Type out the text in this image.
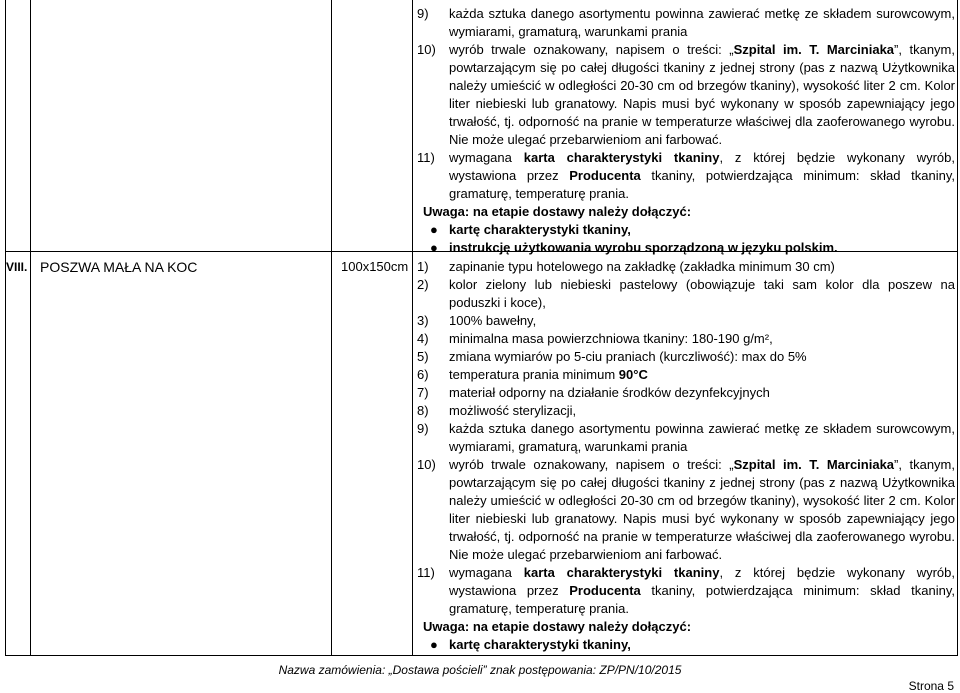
9) każda sztuka danego asortymentu powinna zawierać metkę ze składem surowcowym, wymiarami, gramaturą, warunkami prania
10) wyrób trwale oznakowany, napisem o treści: „Szpital im. T. Marciniaka”, tkanym, powtarzającym się po całej długości tkaniny z jednej strony (pas z nazwą Użytkownika należy umieścić w odległości 20-30 cm od brzegów tkaniny), wysokość liter 2 cm. Kolor liter niebieski lub granatowy. Napis musi być wykonany w sposób zapewniający jego trwałość, tj. odporność na pranie w temperaturze właściwej dla zaoferowanego wyrobu. Nie może ulegać przebarwieniom ani farbować.
11) wymagana karta charakterystyki tkaniny, z której będzie wykonany wyrób, wystawiona przez Producenta tkaniny, potwierdzająca minimum: skład tkaniny, gramaturę, temperaturę prania.
Uwaga: na etapie dostawy należy dołączyć:
● kartę charakterystyki tkaniny,
● instrukcję użytkowania wyrobu sporządzoną w języku polskim.
VIII. POSZWA MAŁA NA KOC	100x150cm 1) zapinanie typu hotelowego na zakładkę (zakładka minimum 30 cm)
2) kolor zielony lub niebieski pastelowy (obowiązuje taki sam kolor dla poszew na poduszki i koce),
3) 100% bawełny,
4) minimalna masa powierzchniowa tkaniny: 180-190 g/m²,
5) zmiana wymiarów po 5-ciu praniach (kurczliwość): max do 5%
6) temperatura prania minimum 90°C
7) materiał odporny na działanie środków dezynfekcyjnych
8) możliwość sterylizacji,
9) każda sztuka danego asortymentu powinna zawierać metkę ze składem surowcowym, wymiarami, gramaturą, warunkami prania
10) wyrób trwale oznakowany, napisem o treści: „Szpital im. T. Marciniaka”, tkanym, powtarzającym się po całej długości tkaniny z jednej strony (pas z nazwą Użytkownika należy umieścić w odległości 20-30 cm od brzegów tkaniny), wysokość liter 2 cm. Kolor liter niebieski lub granatowy. Napis musi być wykonany w sposób zapewniający jego trwałość, tj. odporność na pranie w temperaturze właściwej dla zaoferowanego wyrobu. Nie może ulegać przebarwieniom ani farbować.
11) wymagana karta charakterystyki tkaniny, z której będzie wykonany wyrób, wystawiona przez Producenta tkaniny, potwierdzająca minimum: skład tkaniny, gramaturę, temperaturę prania.
Uwaga: na etapie dostawy należy dołączyć:
● kartę charakterystyki tkaniny,
Nazwa zamówienia: „Dostawa pościeli” znak postępowania: ZP/PN/10/2015
Strona 5
